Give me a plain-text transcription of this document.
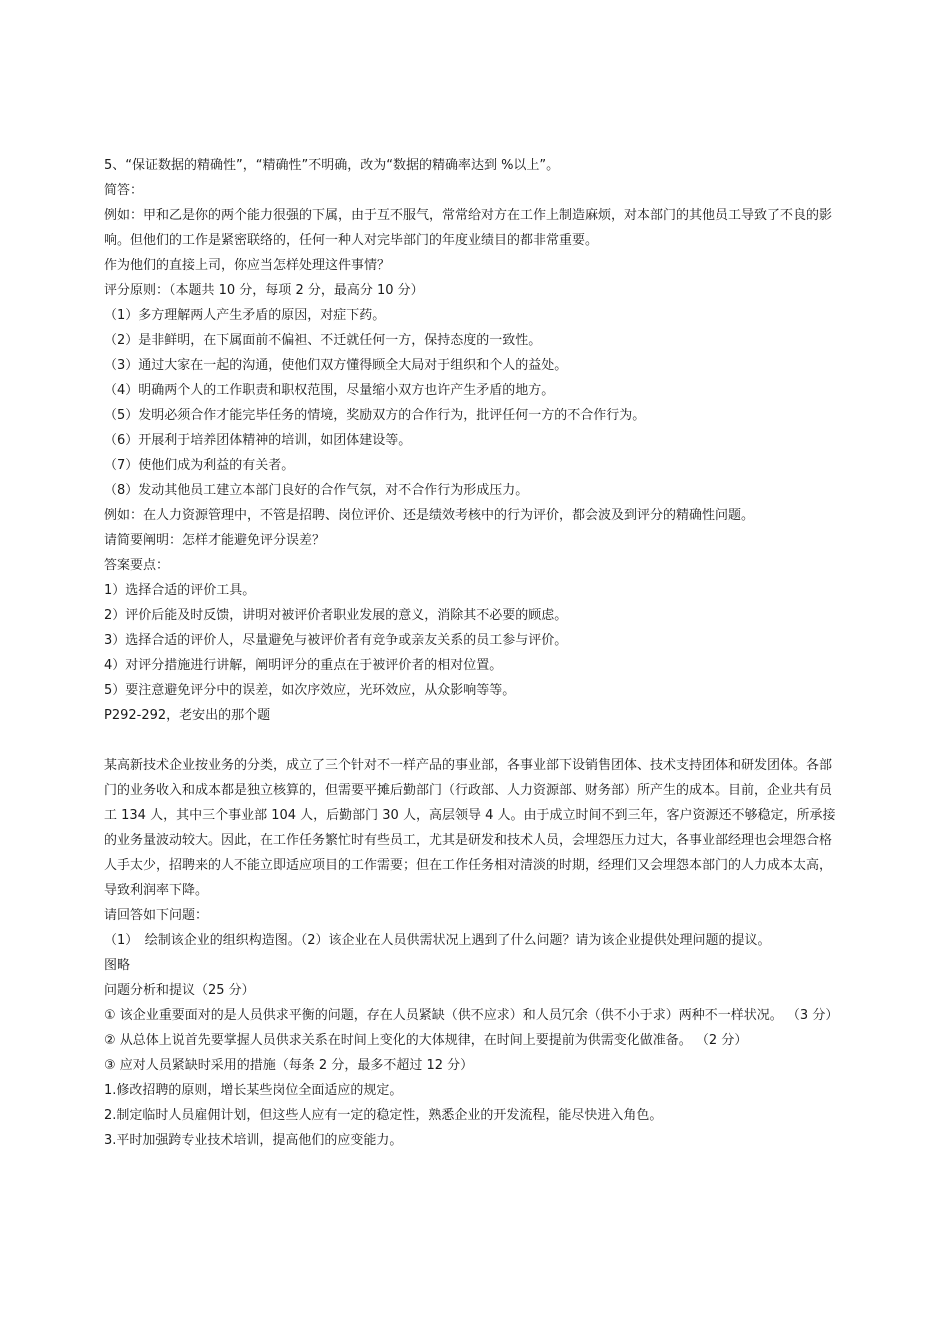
5、“保证数据的精确性”，“精确性”不明确，改为“数据的精确率达到 %以上”。

简答：

例如：甲和乙是你的两个能力很强的下属，由于互不服气，常常给对方在工作上制造麻烦，对本部门的其他员工导致了不良的影响。但他们的工作是紧密联络的，任何一种人对完毕部门的年度业绩目的都非常重要。

作为他们的直接上司，你应当怎样处理这件事情？

评分原则：（本题共 10 分，每项 2 分，最高分 10 分）

（1）多方理解两人产生矛盾的原因，对症下药。

（2）是非鲜明，在下属面前不偏袒、不迁就任何一方，保持态度的一致性。

（3）通过大家在一起的沟通，使他们双方懂得顾全大局对于组织和个人的益处。

（4）明确两个人的工作职责和职权范围，尽量缩小双方也许产生矛盾的地方。

（5）发明必须合作才能完毕任务的情境，奖励双方的合作行为，批评任何一方的不合作行为。

（6）开展利于培养团体精神的培训，如团体建设等。

（7）使他们成为利益的有关者。

（8）发动其他员工建立本部门良好的合作气氛，对不合作行为形成压力。

例如：在人力资源管理中，不管是招聘、岗位评价、还是绩效考核中的行为评价，都会波及到评分的精确性问题。

请简要阐明：怎样才能避免评分误差？

答案要点：

1）选择合适的评价工具。

2）评价后能及时反馈，讲明对被评价者职业发展的意义，消除其不必要的顾虑。

3）选择合适的评价人，尽量避免与被评价者有竞争或亲友关系的员工参与评价。

4）对评分措施进行讲解，阐明评分的重点在于被评价者的相对位置。

5）要注意避免评分中的误差，如次序效应，光环效应，从众影响等等。

P292-292，老安出的那个题

某高新技术企业按业务的分类，成立了三个针对不一样产品的事业部，各事业部下设销售团体、技术支持团体和研发团体。各部门的业务收入和成本都是独立核算的，但需要平摊后勤部门（行政部、人力资源部、财务部）所产生的成本。目前，企业共有员工 134 人，其中三个事业部 104 人，后勤部门 30 人，高层领导 4 人。由于成立时间不到三年，客户资源还不够稳定，所承接的业务量波动较大。因此，在工作任务繁忙时有些员工，尤其是研发和技术人员，会埋怨压力过大，各事业部经理也会埋怨合格人手太少，招聘来的人不能立即适应项目的工作需要；但在工作任务相对清淡的时期，经理们又会埋怨本部门的人力成本太高，导致利润率下降。

请回答如下问题：

（1）　绘制该企业的组织构造图。（2）该企业在人员供需状况上遇到了什么问题？请为该企业提供处理问题的提议。

图略

问题分析和提议（25 分）

① 该企业重要面对的是人员供求平衡的问题，存在人员紧缺（供不应求）和人员冗余（供不小于求）两种不一样状况。 （3 分）

② 从总体上说首先要掌握人员供求关系在时间上变化的大体规律，在时间上要提前为供需变化做准备。 （2 分）

③ 应对人员紧缺时采用的措施（每条 2 分，最多不超过 12 分）

1.修改招聘的原则，增长某些岗位全面适应的规定。

2.制定临时人员雇佣计划，但这些人应有一定的稳定性，熟悉企业的开发流程，能尽快进入角色。

3.平时加强跨专业技术培训，提高他们的应变能力。
